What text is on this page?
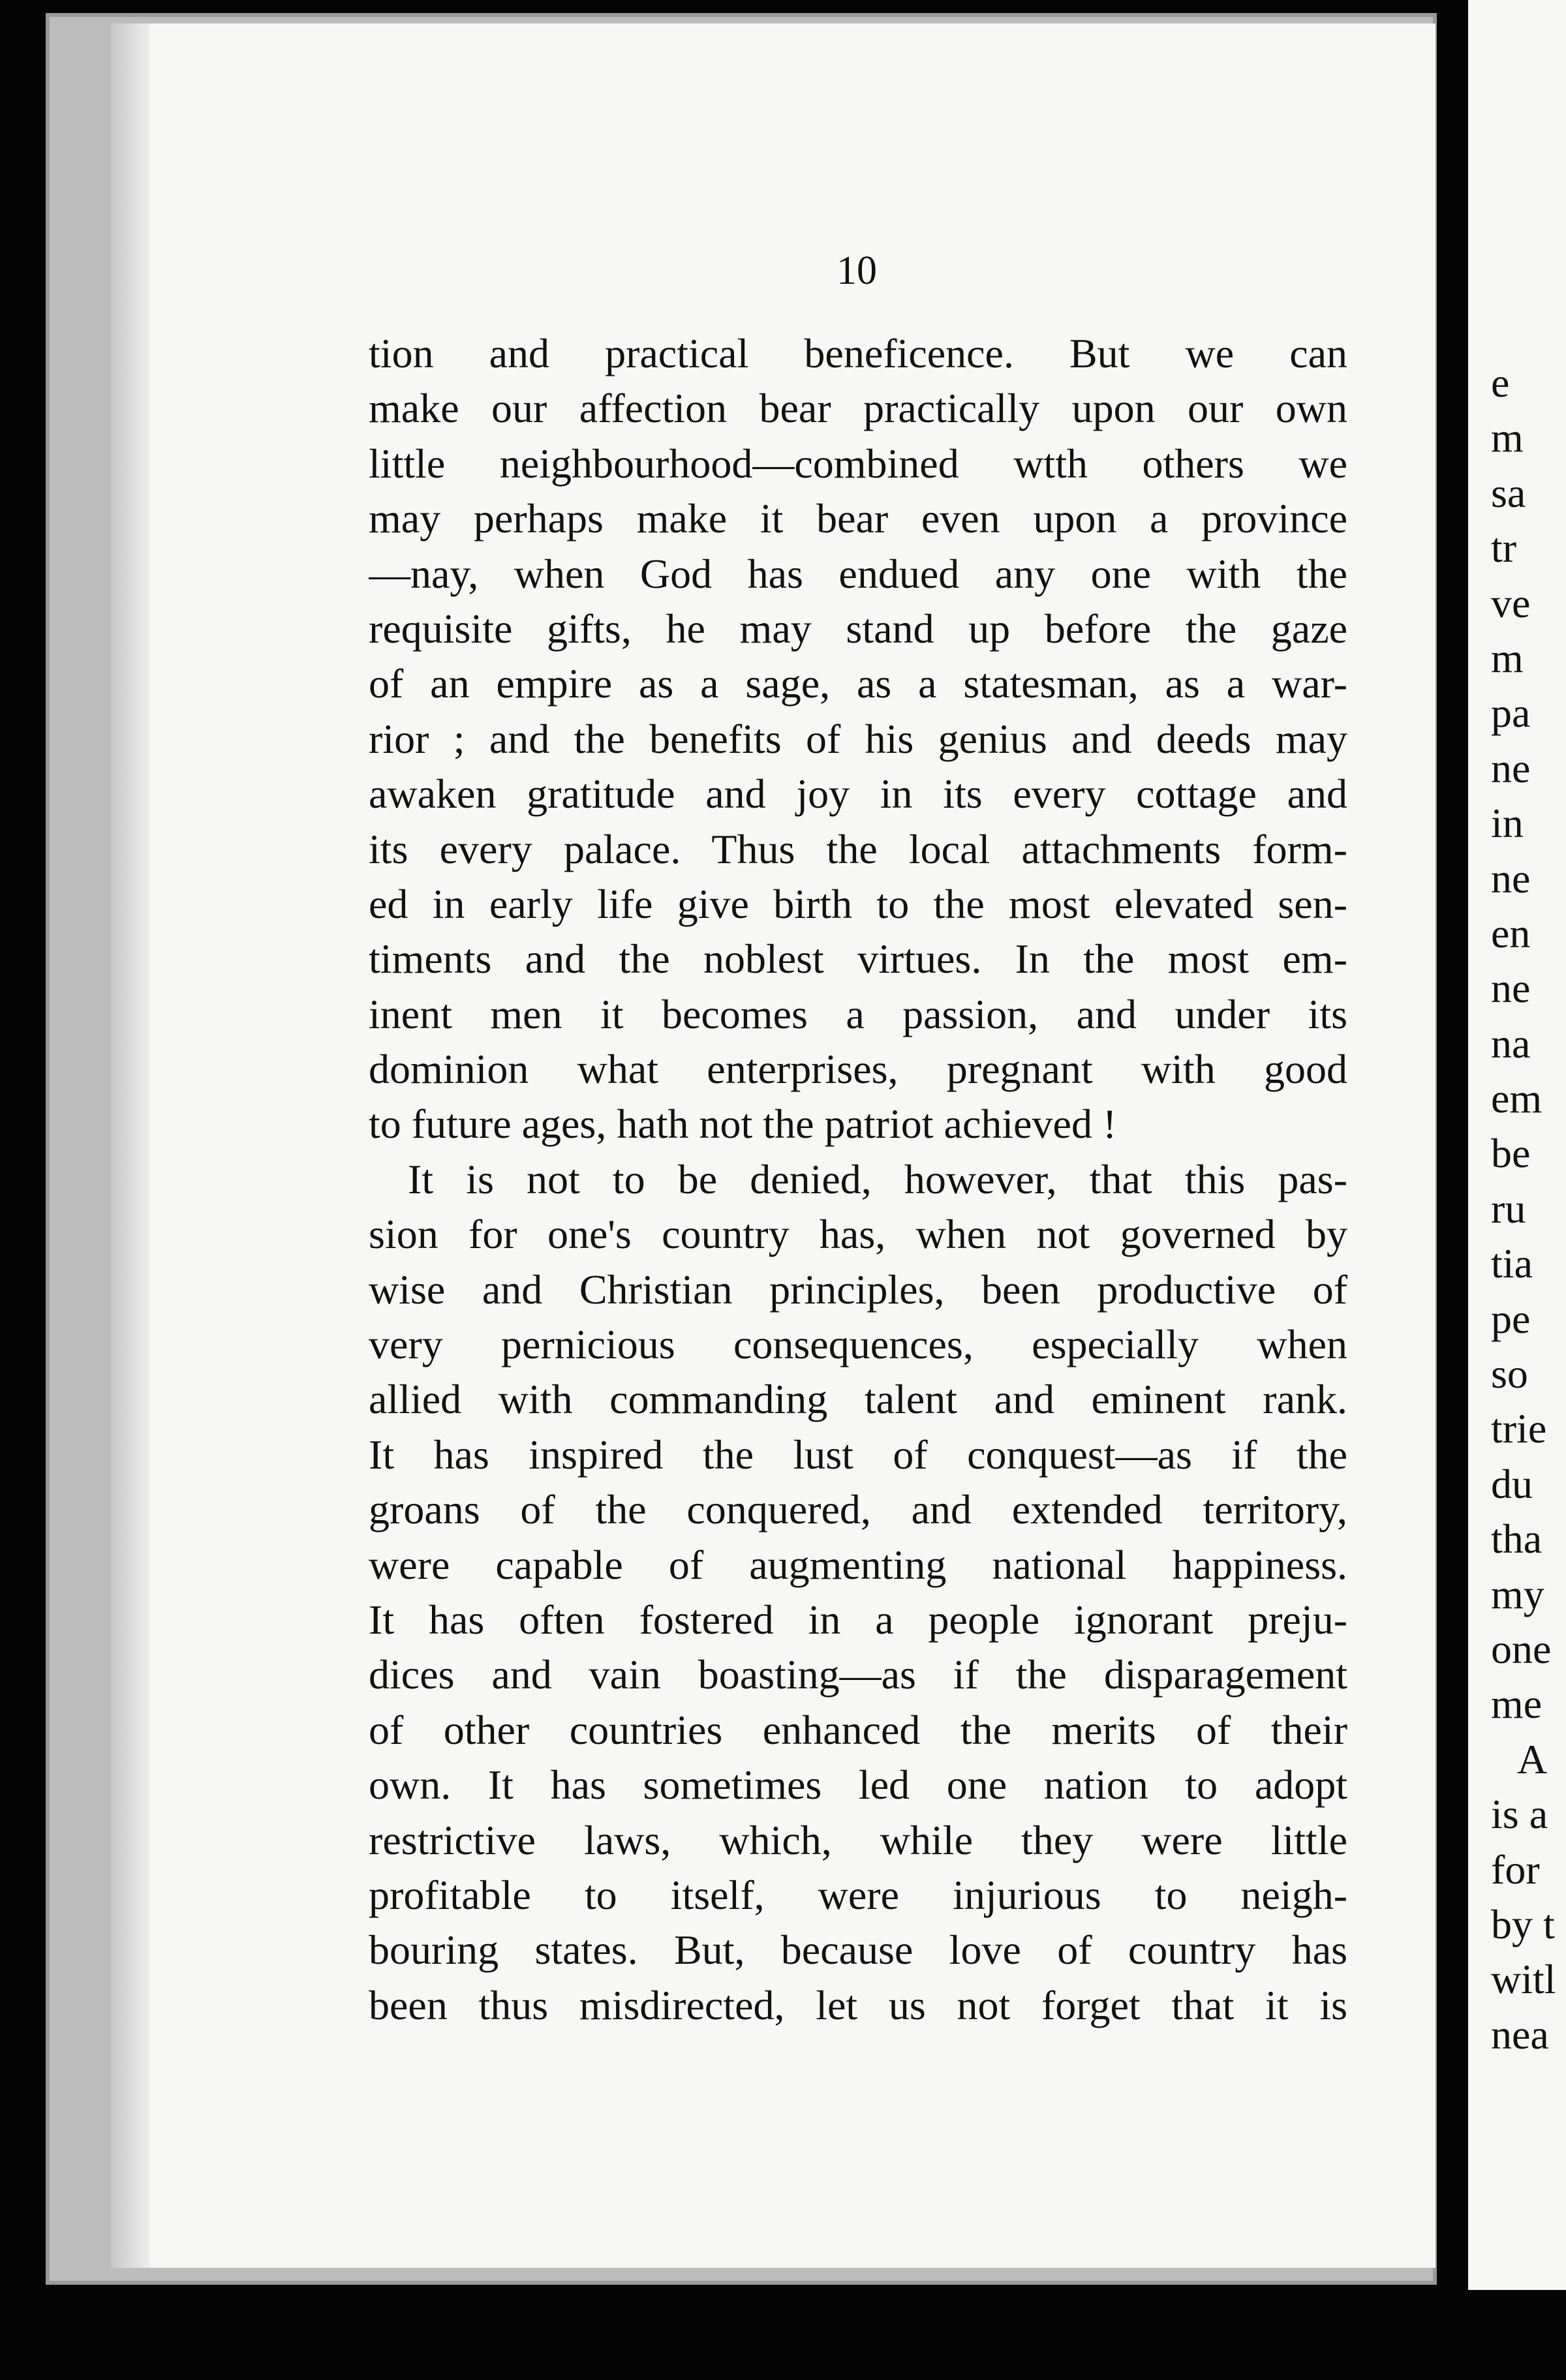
10
tion and practical beneficence. But we can
make our affection bear practically upon our own
little neighbourhood—combined wtth others we
may perhaps make it bear even upon a province
—nay, when God has endued any one with the
requisite gifts, he may stand up before the gaze
of an empire as a sage, as a statesman, as a war-
rior ; and the benefits of his genius and deeds may
awaken gratitude and joy in its every cottage and
its every palace. Thus the local attachments form-
ed in early life give birth to the most elevated sen-
timents and the noblest virtues. In the most em-
inent men it becomes a passion, and under its
dominion what enterprises, pregnant with good
to future ages, hath not the patriot achieved !
It is not to be denied, however, that this pas-
sion for one's country has, when not governed by
wise and Christian principles, been productive of
very pernicious consequences, especially when
allied with commanding talent and eminent rank.
It has inspired the lust of conquest—as if the
groans of the conquered, and extended territory,
were capable of augmenting national happiness.
It has often fostered in a people ignorant preju-
dices and vain boasting—as if the disparagement
of other countries enhanced the merits of their
own. It has sometimes led one nation to adopt
restrictive laws, which, while they were little
profitable to itself, were injurious to neigh-
bouring states. But, because love of country has
been thus misdirected, let us not forget that it is
e
m
sa
tr
ve
m
pa
ne
in
ne
en
ne
na
em
be
ru
tia
pe
so
trie
du
tha
my
one
me
A
is a
for
by t
witl
nea
